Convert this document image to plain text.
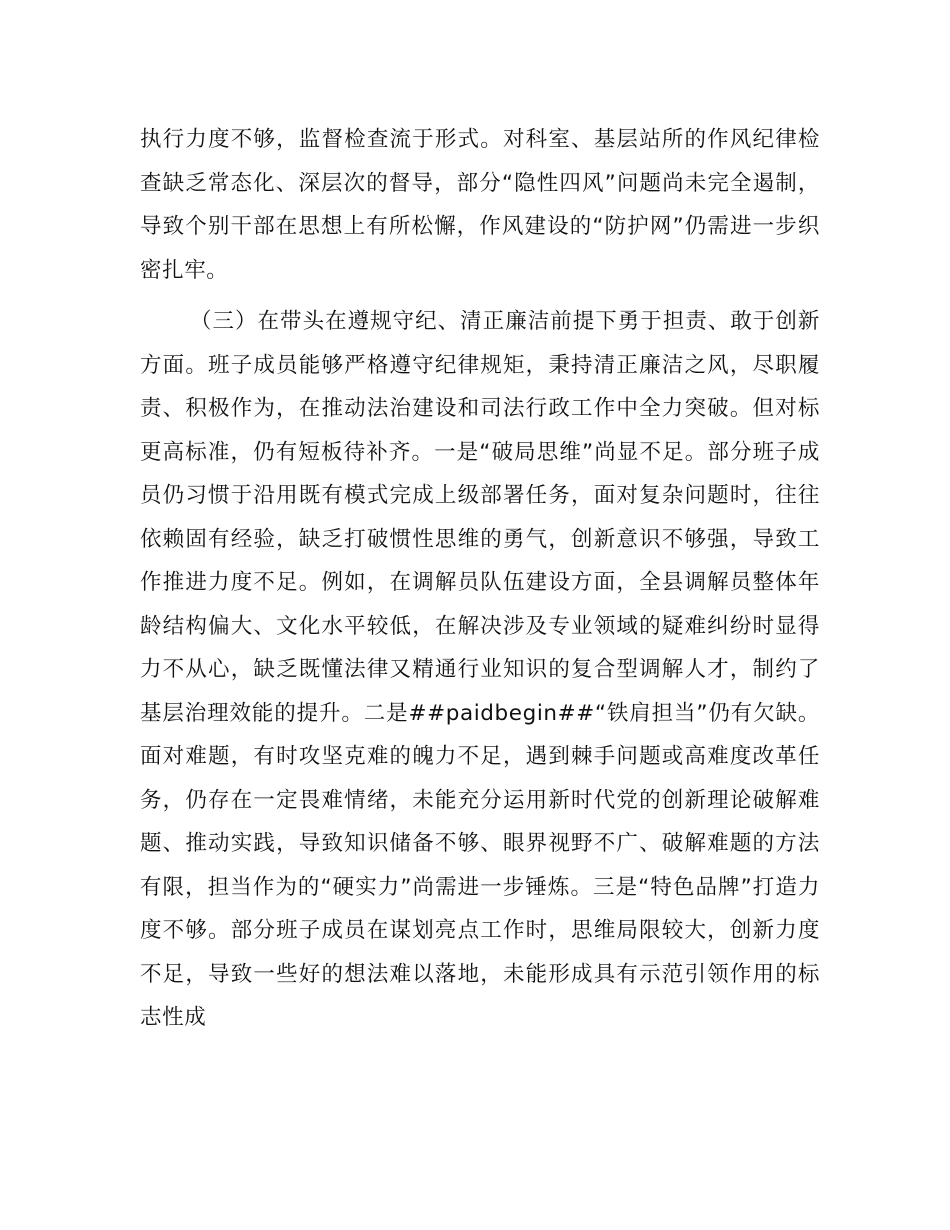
执行力度不够，监督检查流于形式。对科室、基层站所的作风纪律检查缺乏常态化、深层次的督导，部分“隐性四风”问题尚未完全遏制，导致个别干部在思想上有所松懈，作风建设的“防护网”仍需进一步织密扎牢。

（三）在带头在遵规守纪、清正廉洁前提下勇于担责、敢于创新方面。班子成员能够严格遵守纪律规矩，秉持清正廉洁之风，尽职履责、积极作为，在推动法治建设和司法行政工作中全力突破。但对标更高标准，仍有短板待补齐。一是“破局思维”尚显不足。部分班子成员仍习惯于沿用既有模式完成上级部署任务，面对复杂问题时，往往依赖固有经验，缺乏打破惯性思维的勇气，创新意识不够强，导致工作推进力度不足。例如，在调解员队伍建设方面，全县调解员整体年龄结构偏大、文化水平较低，在解决涉及专业领域的疑难纠纷时显得力不从心，缺乏既懂法律又精通行业知识的复合型调解人才，制约了基层治理效能的提升。二是##paidbegin##“铁肩担当”仍有欠缺。面对难题，有时攻坚克难的魄力不足，遇到棘手问题或高难度改革任务，仍存在一定畏难情绪，未能充分运用新时代党的创新理论破解难题、推动实践，导致知识储备不够、眼界视野不广、破解难题的方法有限，担当作为的“硬实力”尚需进一步锤炼。三是“特色品牌”打造力度不够。部分班子成员在谋划亮点工作时，思维局限较大，创新力度不足，导致一些好的想法难以落地，未能形成具有示范引领作用的标志性成
